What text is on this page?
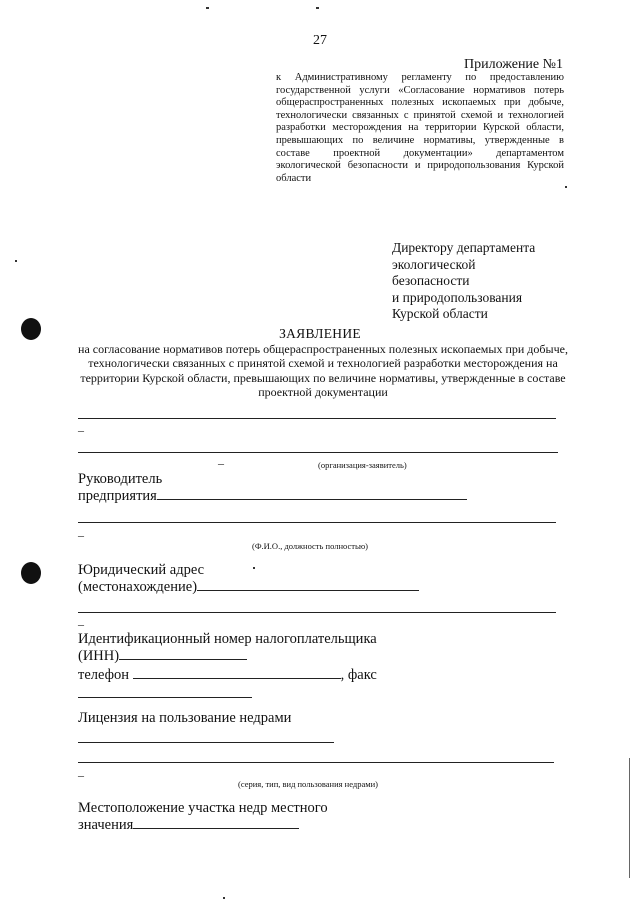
27
Приложение №1
к Административному регламенту по предоставлению
государственной услуги «Согласование нормативов потерь общераспространенных полезных ископаемых при добыче, технологически связанных с принятой схемой и технологией разработки месторождения на территории Курской области, превышающих по величине нормативы, утвержденные в составе проектной документации» департаментом экологической безопасности и природопользования Курской области
Директору департамента
экологической
безопасности
и природопользования
Курской области
ЗАЯВЛЕНИЕ
на согласование нормативов потерь общераспространенных полезных ископаемых при добыче, технологически связанных с принятой схемой и технологией разработки месторождения на территории Курской области, превышающих по величине нормативы, утвержденные в составе проектной документации
–
–	(организация-заявитель)
Руководитель
предприятия
–
(Ф.И.О., должность полностью)
Юридический адрес
(местонахождение)
–
Идентификационный номер налогоплательщика
(ИНН)
телефон	, факс
Лицензия на пользование недрами
–
(серия, тип, вид пользования недрами)
Местоположение участка недр местного
значения
